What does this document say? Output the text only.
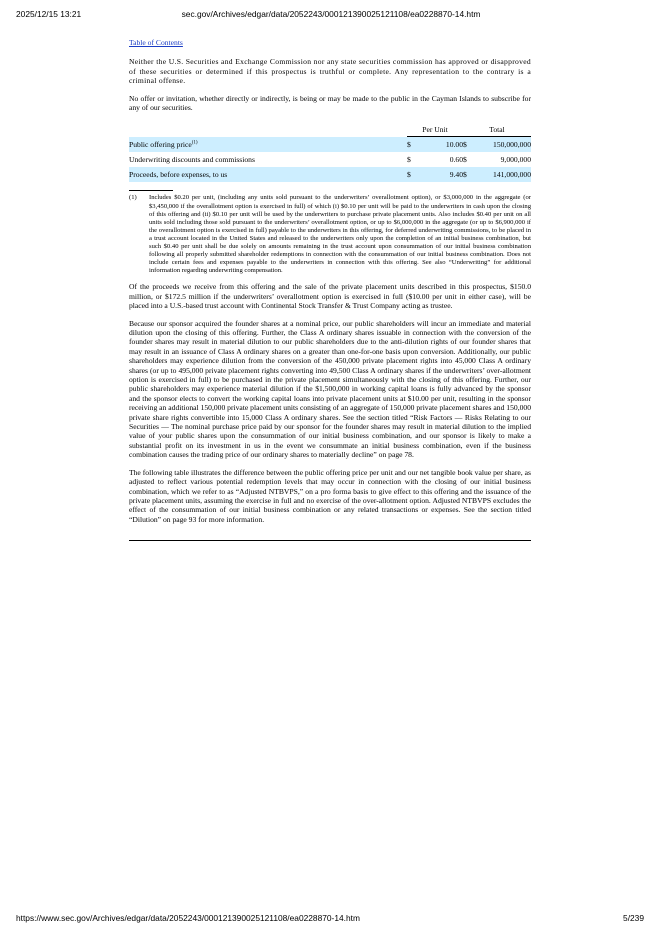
2025/12/15 13:21	sec.gov/Archives/edgar/data/2052243/000121390025121108/ea0228870-14.htm
Table of Contents

Neither the U.S. Securities and Exchange Commission nor any state securities commission has approved or disapproved of these securities or determined if this prospectus is truthful or complete. Any representation to the contrary is a criminal offense.

No offer or invitation, whether directly or indirectly, is being or may be made to the public in the Cayman Islands to subscribe for any of our securities.

	Per Unit		Total	
Public offering price$^{(1)}$	$	10.00	$	150,000,000
Underwriting discounts and commissions	$	0.60	$	9,000,000
Proceeds, before expenses, to us	$	9.40	$	141,000,000
(1)	Includes $0.20 per unit, (including any units sold pursuant to the underwriters’ overallotment option), or $3,000,000 in the aggregate (or $3,450,000 if the overallotment option is exercised in full) of which (i) $0.10 per unit will be paid to the underwriters in cash upon the closing of this offering and (ii) $0.10 per unit will be used by the underwriters to purchase private placement units. Also includes $0.40 per unit on all units sold including those sold pursuant to the underwriters’ overallotment option, or up to $6,000,000 in the aggregate (or up to $6,900,000 if the overallotment option is exercised in full) payable to the underwriters in this offering, for deferred underwriting commissions, to be placed in a trust account located in the United States and released to the underwriters only upon the completion of an initial business combination, but such $0.40 per unit shall be due solely on amounts remaining in the trust account upon consummation of our initial business combination following all properly submitted shareholder redemptions in connection with the consummation of our initial business combination. Does not include certain fees and expenses payable to the underwriters in connection with this offering. See also “Underwriting” for additional information regarding underwriting compensation.

Of the proceeds we receive from this offering and the sale of the private placement units described in this prospectus, $150.0 million, or $172.5 million if the underwriters’ overallotment option is exercised in full ($10.00 per unit in either case), will be placed into a U.S.-based trust account with Continental Stock Transfer & Trust Company acting as trustee.

Because our sponsor acquired the founder shares at a nominal price, our public shareholders will incur an immediate and material dilution upon the closing of this offering. Further, the Class A ordinary shares issuable in connection with the conversion of the founder shares may result in material dilution to our public shareholders due to the anti-dilution rights of our founder shares that may result in an issuance of Class A ordinary shares on a greater than one-for-one basis upon conversion. Additionally, our public shareholders may experience dilution from the conversion of the 450,000 private placement rights into 45,000 Class A ordinary shares (or up to 495,000 private placement rights converting into 49,500 Class A ordinary shares if the underwriters’ over-allotment option is exercised in full) to be purchased in the private placement simultaneously with the closing of this offering. Further, our public shareholders may experience material dilution if the $1,500,000 in working capital loans is fully advanced by the sponsor and the sponsor elects to convert the working capital loans into private placement units at $10.00 per unit, resulting in the sponsor receiving an additional 150,000 private placement units consisting of an aggregate of 150,000 private placement shares and 150,000 private share rights convertible into 15,000 Class A ordinary shares. See the section titled “Risk Factors — Risks Relating to our Securities — The nominal purchase price paid by our sponsor for the founder shares may result in material dilution to the implied value of your public shares upon the consummation of our initial business combination, and our sponsor is likely to make a substantial profit on its investment in us in the event we consummate an initial business combination, even if the business combination causes the trading price of our ordinary shares to materially decline” on page 78.

The following table illustrates the difference between the public offering price per unit and our net tangible book value per share, as adjusted to reflect various potential redemption levels that may occur in connection with the closing of our initial business combination, which we refer to as “Adjusted NTBVPS,” on a pro forma basis to give effect to this offering and the issuance of the private placement units, assuming the exercise in full and no exercise of the over-allotment option. Adjusted NTBVPS excludes the effect of the consummation of our initial business combination or any related transactions or expenses. See the section titled “Dilution” on page 93 for more information.

https://www.sec.gov/Archives/edgar/data/2052243/000121390025121108/ea0228870-14.htm	5/239
